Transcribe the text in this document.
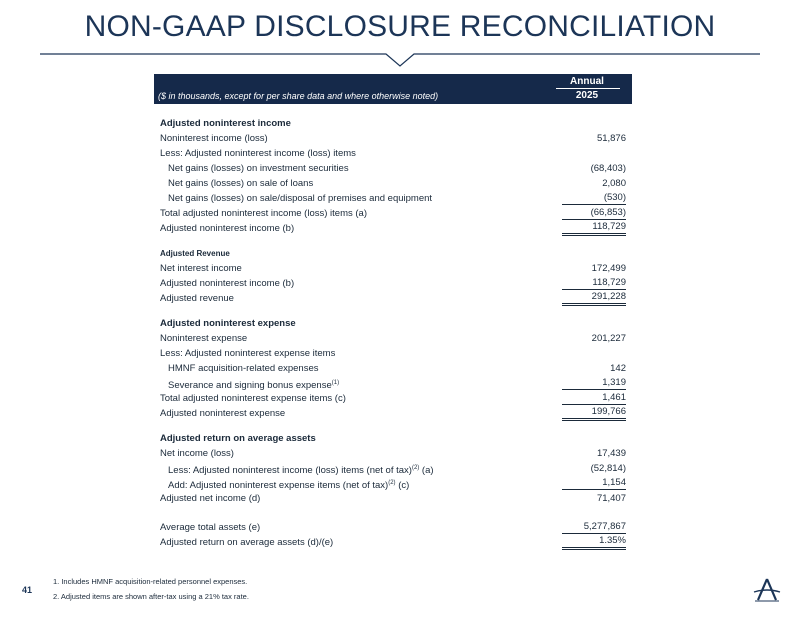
NON-GAAP DISCLOSURE RECONCILIATION
Annual
($ in thousands, except for per share data and where otherwise noted)	2025
Adjusted noninterest income
Noninterest income (loss)	51,876
Less: Adjusted noninterest income (loss) items
Net gains (losses) on investment securities	(68,403)
Net gains (losses) on sale of loans	2,080
Net gains (losses) on sale/disposal of premises and equipment	(530)
Total adjusted noninterest income (loss) items (a)	(66,853)
Adjusted noninterest income (b)	118,729
Adjusted Revenue
Net interest income	172,499
Adjusted noninterest income (b)	118,729
Adjusted revenue	291,228
Adjusted noninterest expense
Noninterest expense	201,227
Less: Adjusted noninterest expense items
HMNF acquisition-related expenses	142
Severance and signing bonus expense$^{(1)}$	1,319
Total adjusted noninterest expense items (c)	1,461
Adjusted noninterest expense	199,766
Adjusted return on average assets
Net income (loss)	17,439
Less: Adjusted noninterest income (loss) items (net of tax)$^{(2)}$ (a)	(52,814)
Add: Adjusted noninterest expense items (net of tax)$^{(2)}$ (c)	1,154
Adjusted net income (d)	71,407
Average total assets (e)	5,277,867
Adjusted return on average assets (d)/(e)	1.35%
41
1. Includes HMNF acquisition-related personnel expenses.
2. Adjusted items are shown after-tax using a 21% tax rate.
